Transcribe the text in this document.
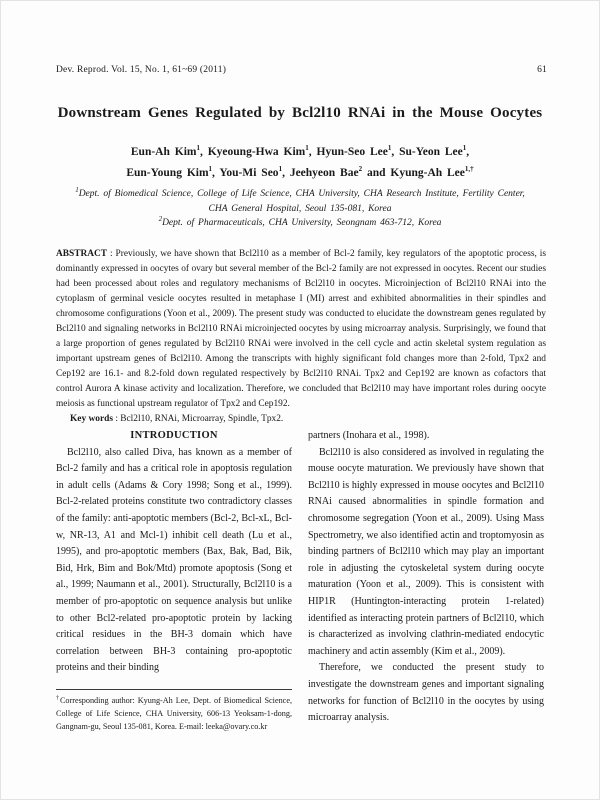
Dev. Reprod. Vol. 15, No. 1, 61~69 (2011)	61
Downstream Genes Regulated by Bcl2l10 RNAi in the Mouse Oocytes
Eun-Ah Kim$^1$, Kyeoung-Hwa Kim$^1$, Hyun-Seo Lee$^1$, Su-Yeon Lee$^1$,
Eun-Young Kim$^1$, You-Mi Seo$^1$, Jeehyeon Bae$^2$ and Kyung-Ah Lee$^{1,\dagger}$
$^1$Dept. of Biomedical Science, College of Life Science, CHA University, CHA Research Institute, Fertility Center, CHA General Hospital, Seoul 135-081, Korea
$^2$Dept. of Pharmaceuticals, CHA University, Seongnam 463-712, Korea

ABSTRACT : Previously, we have shown that Bcl2l10 as a member of Bcl-2 family, key regulators of the apoptotic process, is dominantly expressed in oocytes of ovary but several member of the Bcl-2 family are not expressed in oocytes. Recent our studies had been processed about roles and regulatory mechanisms of Bcl2l10 in oocytes. Microinjection of Bcl2l10 RNAi into the cytoplasm of germinal vesicle oocytes resulted in metaphase I (MI) arrest and exhibited abnormalities in their spindles and chromosome configurations (Yoon et al., 2009). The present study was conducted to elucidate the downstream genes regulated by Bcl2l10 and signaling networks in Bcl2l10 RNAi microinjected oocytes by using microarray analysis. Surprisingly, we found that a large proportion of genes regulated by Bcl2l10 RNAi were involved in the cell cycle and actin skeletal system regulation as important upstream genes of Bcl2l10. Among the transcripts with highly significant fold changes more than 2-fold, Tpx2 and Cep192 are 16.1- and 8.2-fold down regulated respectively by Bcl2l10 RNAi. Tpx2 and Cep192 are known as cofactors that control Aurora A kinase activity and localization. Therefore, we concluded that Bcl2l10 may have important roles during oocyte meiosis as functional upstream regulator of Tpx2 and Cep192.

Key words : Bcl2l10, RNAi, Microarray, Spindle, Tpx2.

INTRODUCTION

Bcl2l10, also called Diva, has known as a member of Bcl-2 family and has a critical role in apoptosis regulation in adult cells (Adams & Cory 1998; Song et al., 1999). Bcl-2-related proteins constitute two contradictory classes of the family: anti-apoptotic members (Bcl-2, Bcl-xL, Bcl-w, NR-13, A1 and Mcl-1) inhibit cell death (Lu et al., 1995), and pro-apoptotic members (Bax, Bak, Bad, Bik, Bid, Hrk, Bim and Bok/Mtd) promote apoptosis (Song et al., 1999; Naumann et al., 2001). Structurally, Bcl2l10 is a member of pro-apoptotic on sequence analysis but unlike to other Bcl2-related pro-apoptotic protein by lacking critical residues in the BH-3 domain which have correlation between BH-3 containing pro-apoptotic proteins and their binding

†Corresponding author: Kyung-Ah Lee, Dept. of Biomedical Science, College of Life Science, CHA University, 606-13 Yeoksam-1-dong, Gangnam-gu, Seoul 135-081, Korea. E-mail: leeka@ovary.co.kr

partners (Inohara et al., 1998).

Bcl2l10 is also considered as involved in regulating the mouse oocyte maturation. We previously have shown that Bcl2l10 is highly expressed in mouse oocytes and Bcl2l10 RNAi caused abnormalities in spindle formation and chromosome segregation (Yoon et al., 2009). Using Mass Spectrometry, we also identified actin and troptomyosin as binding partners of Bcl2l10 which may play an important role in adjusting the cytoskeletal system during oocyte maturation (Yoon et al., 2009). This is consistent with HIP1R (Huntington-interacting protein 1-related) identified as interacting protein partners of Bcl2l10, which is characterized as involving clathrin-mediated endocytic machinery and actin assembly (Kim et al., 2009).

Therefore, we conducted the present study to investigate the downstream genes and important signaling networks for function of Bcl2l10 in the oocytes by using microarray analysis.
